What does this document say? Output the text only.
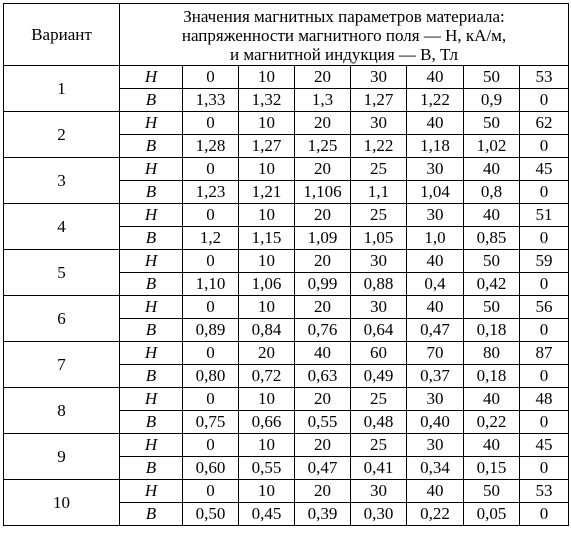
Вариант	Значения магнитных параметров материала:
напряженности магнитного поля — H, кА/м,
и магнитной индукция — B, Тл							

1	H	0	10	20	30	40	50	53
	B	1,33	1,32	1,3	1,27	1,22	0,9	0
2	H	0	10	20	30	40	50	62
	B	1,28	1,27	1,25	1,22	1,18	1,02	0
3	H	0	10	20	25	30	40	45
	B	1,23	1,21	1,106	1,1	1,04	0,8	0
4	H	0	10	20	25	30	40	51
	B	1,2	1,15	1,09	1,05	1,0	0,85	0
5	H	0	10	20	30	40	50	59
	B	1,10	1,06	0,99	0,88	0,4	0,42	0
6	H	0	10	20	30	40	50	56
	B	0,89	0,84	0,76	0,64	0,47	0,18	0
7	H	0	20	40	60	70	80	87
	B	0,80	0,72	0,63	0,49	0,37	0,18	0
8	H	0	10	20	25	30	40	48
	B	0,75	0,66	0,55	0,48	0,40	0,22	0
9	H	0	10	20	25	30	40	45
	B	0,60	0,55	0,47	0,41	0,34	0,15	0
10	H	0	10	20	30	40	50	53
	B	0,50	0,45	0,39	0,30	0,22	0,05	0
